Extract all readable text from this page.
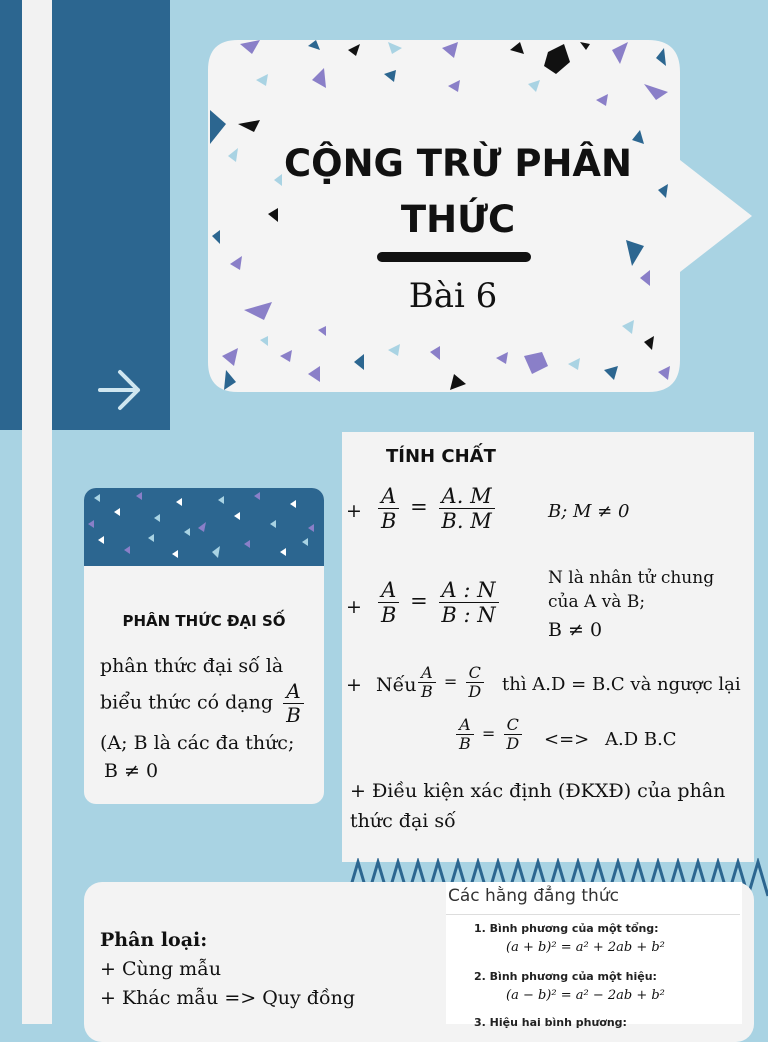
CỘNG TRỪ PHÂN
THỨC
Bài 6
TÍNH CHẤT
+ $\frac{A}{B} = \frac{A. M}{B. M}$	B; M ≠ 0
+ $\frac{A}{B} = \frac{A : N}{B : N}$	N là nhân tử chung
của A và B;
B ≠ 0
+ Nếu $\frac{A}{B} = \frac{C}{D}$ thì A.D = B.C và ngược lại
$\frac{A}{B} = \frac{C}{D}$ <=> A.D B.C
+ Điều kiện xác định (ĐKXĐ) của phân
thức đại số
PHÂN THỨC ĐẠI SỐ
phân thức đại số là
biểu thức có dạng $\frac{A}{B}$
(A; B là các đa thức;
B ≠ 0
Phân loại:
+ Cùng mẫu
+ Khác mẫu => Quy đồng
Các hằng đẳng thức
1. Bình phương của một tổng:
(a + b)² = a² + 2ab + b²
2. Bình phương của một hiệu:
(a − b)² = a² − 2ab + b²
3. Hiệu hai bình phương:
